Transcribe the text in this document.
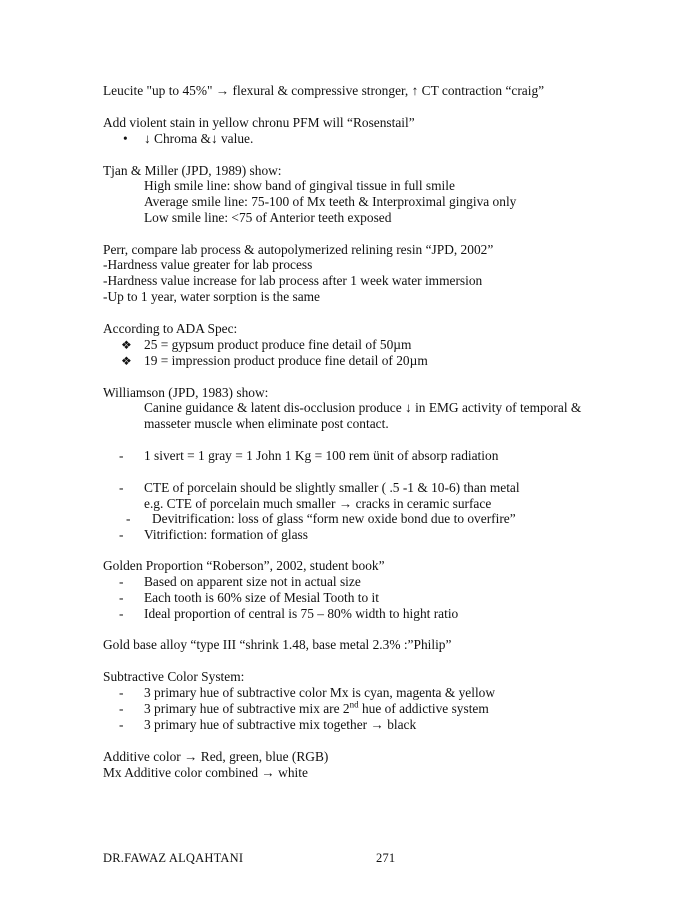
Leucite "up to 45%" → flexural & compressive stronger, ↑ CT contraction “craig”
Add violent stain in yellow chronu PFM will “Rosenstail”
• ↓ Chroma &↓ value.
Tjan & Miller (JPD, 1989) show:
High smile line: show band of gingival tissue in full smile
Average smile line: 75-100 of Mx teeth & Interproximal gingiva only
Low smile line: <75 of Anterior teeth exposed
Perr, compare lab process & autopolymerized relining resin “JPD, 2002”
-Hardness value greater for lab process
-Hardness value increase for lab process after 1 week water immersion
-Up to 1 year, water sorption is the same
According to ADA Spec:
❖ 25 = gypsum product produce fine detail of 50µm
❖ 19 = impression product produce fine detail of 20µm
Williamson (JPD, 1983) show:
Canine guidance & latent dis-occlusion produce ↓ in EMG activity of temporal &
masseter muscle when eliminate post contact.
- 1 sivert = 1 gray = 1 John 1 Kg = 100 rem ünit of absorp radiation
- CTE of porcelain should be slightly smaller ( .5 -1 & 10-6) than metal
e.g. CTE of porcelain much smaller → cracks in ceramic surface
- Devitrification: loss of glass “form new oxide bond due to overfire”
- Vitrifiction: formation of glass
Golden Proportion “Roberson”, 2002, student book”
- Based on apparent size not in actual size
- Each tooth is 60% size of Mesial Tooth to it
- Ideal proportion of central is 75 – 80% width to hight ratio
Gold base alloy “type III “shrink 1.48, base metal 2.3% :”Philip”
Subtractive Color System:
- 3 primary hue of subtractive color Mx is cyan, magenta & yellow
- 3 primary hue of subtractive mix are 2nd hue of addictive system
- 3 primary hue of subtractive mix together → black
Additive color → Red, green, blue (RGB)
Mx Additive color combined → white
DR.FAWAZ ALQAHTANI	271
